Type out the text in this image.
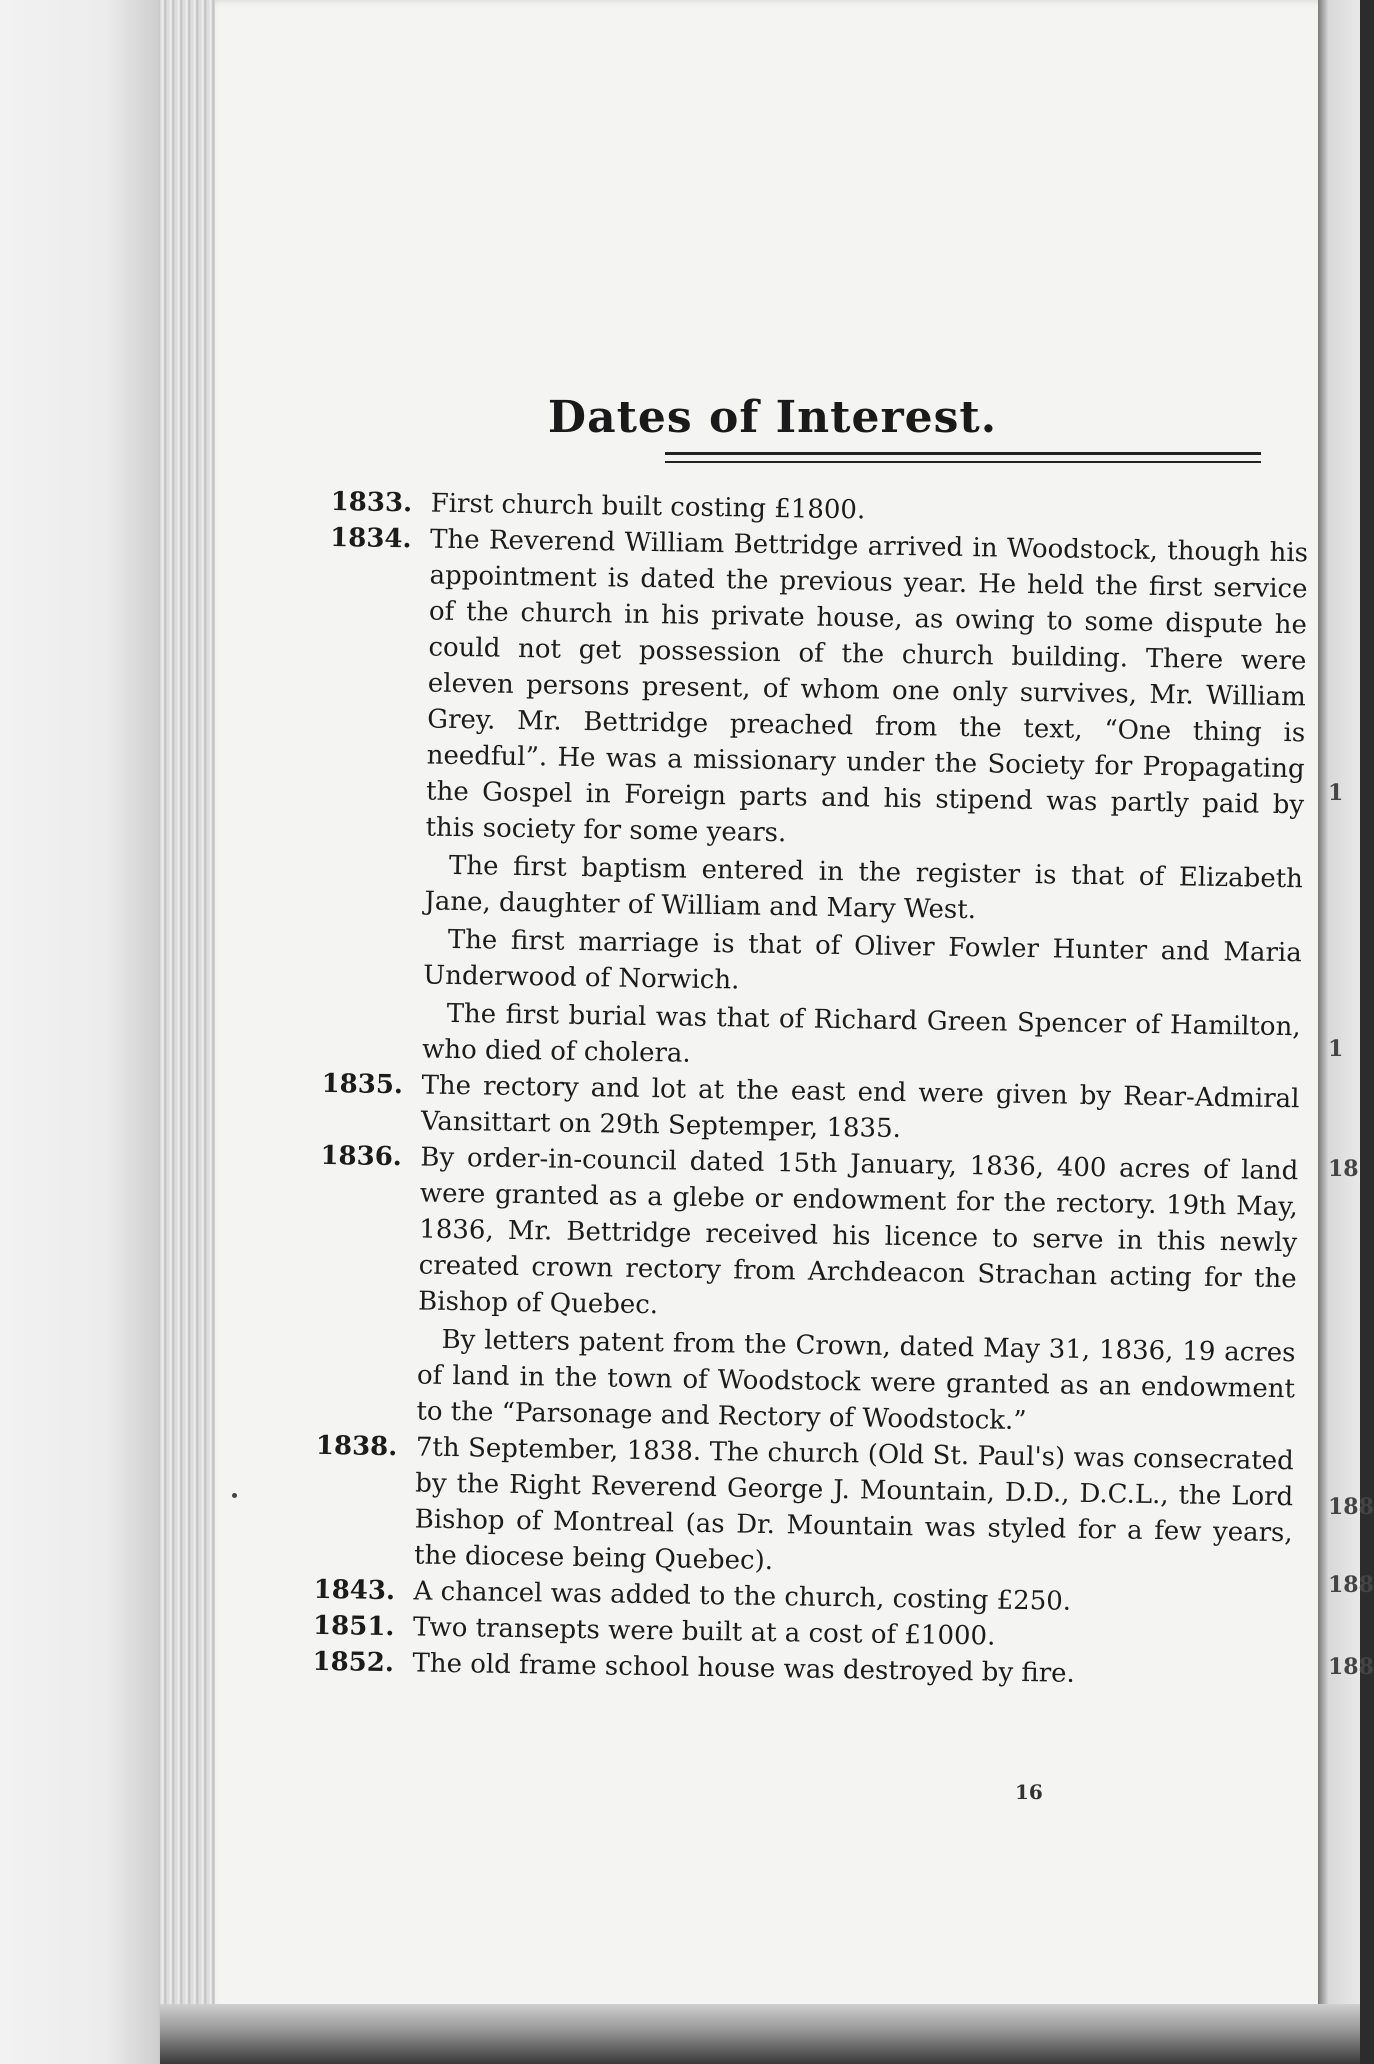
Dates of Interest.
1833. First church built costing £1800.

1834. The Reverend William Bettridge arrived in Woodstock, though his appointment is dated the previous year. He held the first service of the church in his private house, as owing to some dispute he could not get possession of the church building. There were eleven persons present, of whom one only survives, Mr. William Grey. Mr. Bettridge preached from the text, “One thing is needful”. He was a missionary under the Society for Propagating the Gospel in Foreign parts and his stipend was partly paid by this society for some years.

The first baptism entered in the register is that of Elizabeth Jane, daughter of William and Mary West.

The first marriage is that of Oliver Fowler Hunter and Maria Underwood of Norwich.

The first burial was that of Richard Green Spencer of Hamilton, who died of cholera.

1835. The rectory and lot at the east end were given by Rear-Admiral Vansittart on 29th Septemper, 1835.

1836. By order-in-council dated 15th January, 1836, 400 acres of land were granted as a glebe or endowment for the rectory. 19th May, 1836, Mr. Bettridge received his licence to serve in this newly created crown rectory from Archdeacon Strachan acting for the Bishop of Quebec.

By letters patent from the Crown, dated May 31, 1836, 19 acres of land in the town of Woodstock were granted as an endowment to the “Parsonage and Rectory of Woodstock.”

1838. 7th September, 1838. The church (Old St. Paul's) was consecrated by the Right Reverend George J. Mountain, D.D., D.C.L., the Lord Bishop of Montreal (as Dr. Mountain was styled for a few years, the diocese being Quebec).

1843. A chancel was added to the church, costing £250.

1851. Two transepts were built at a cost of £1000.

1852. The old frame school house was destroyed by fire.

16
1
1
18
188
188
188
